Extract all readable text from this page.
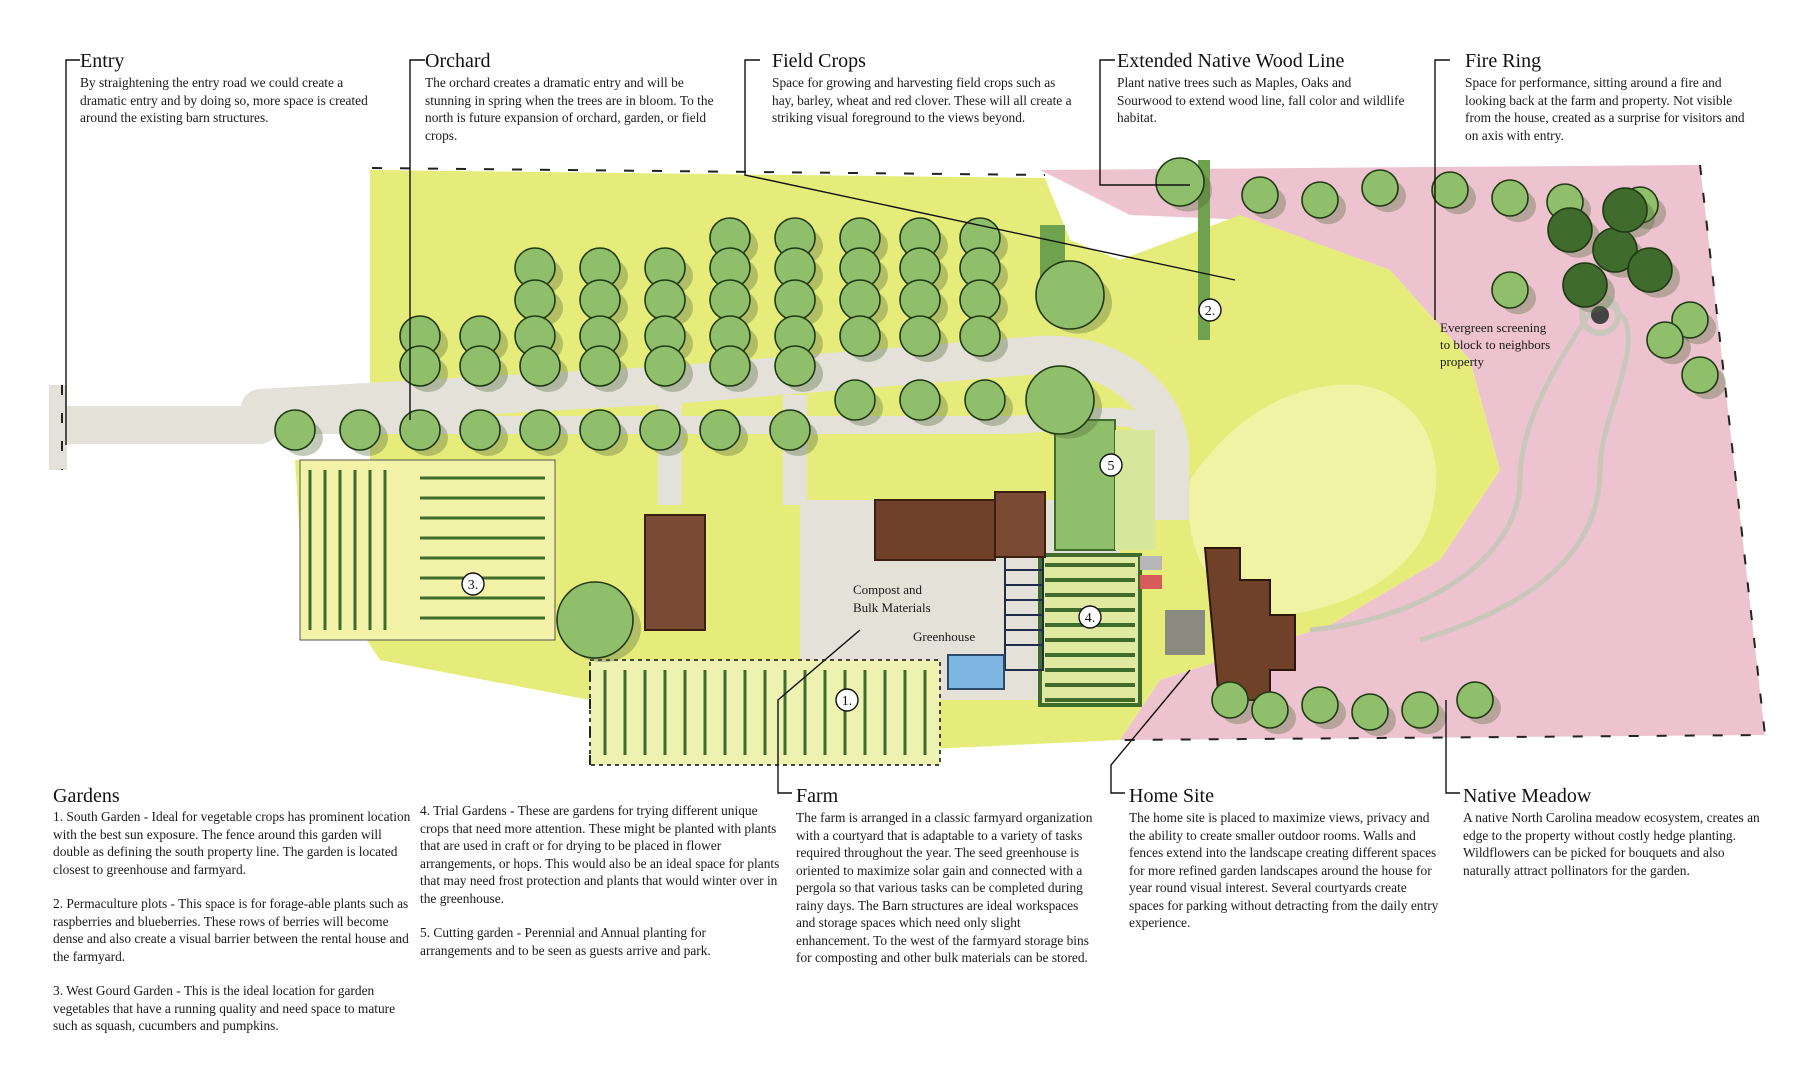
1.
2.
3.
4.
5
Compost and Bulk Materials
Greenhouse
Evergreen screening to block to neighbors property
Entry

By straightening the entry road we could create a dramatic entry and by doing so, more space is created around the existing barn structures.

Orchard

The orchard creates a dramatic entry and will be stunning in spring when the trees are in bloom. To the north is future expansion of orchard, garden, or field crops.

Field Crops

Space for growing and harvesting field crops such as hay, barley, wheat and red clover. These will all create a striking visual foreground to the views beyond.

Extended Native Wood Line

Plant native trees such as Maples, Oaks and Sourwood to extend wood line, fall color and wildlife habitat.

Fire Ring

Space for performance, sitting around a fire and looking back at the farm and property. Not visible from the house, created as a surprise for visitors and on axis with entry.

Gardens

1. South Garden - Ideal for vegetable crops has prominent location with the best sun exposure. The fence around this garden will double as defining the south property line. The garden is located closest to greenhouse and farmyard.

2. Permaculture plots - This space is for forage-able plants such as raspberries and blueberries. These rows of berries will become dense and also create a visual barrier between the rental house and the farmyard.

3. West Gourd Garden - This is the ideal location for garden vegetables that have a running quality and need space to mature such as squash, cucumbers and pumpkins.

4. Trial Gardens - These are gardens for trying different unique crops that need more attention. These might be planted with plants that are used in craft or for drying to be placed in flower arrangements, or hops. This would also be an ideal space for plants that may need frost protection and plants that would winter over in the greenhouse.

5. Cutting garden - Perennial and Annual planting for arrangements and to be seen as guests arrive and park.

Farm

The farm is arranged in a classic farmyard organization with a courtyard that is adaptable to a variety of tasks required throughout the year. The seed greenhouse is oriented to maximize solar gain and connected with a pergola so that various tasks can be completed during rainy days. The Barn structures are ideal workspaces and storage spaces which need only slight enhancement. To the west of the farmyard storage bins for composting and other bulk materials can be stored.

Home Site

The home site is placed to maximize views, privacy and the ability to create smaller outdoor rooms. Walls and fences extend into the landscape creating different spaces for more refined garden landscapes around the house for year round visual interest. Several courtyards create spaces for parking without detracting from the daily entry experience.

Native Meadow

A native North Carolina meadow ecosystem, creates an edge to the property without costly hedge planting. Wildflowers can be picked for bouquets and also naturally attract pollinators for the garden.
